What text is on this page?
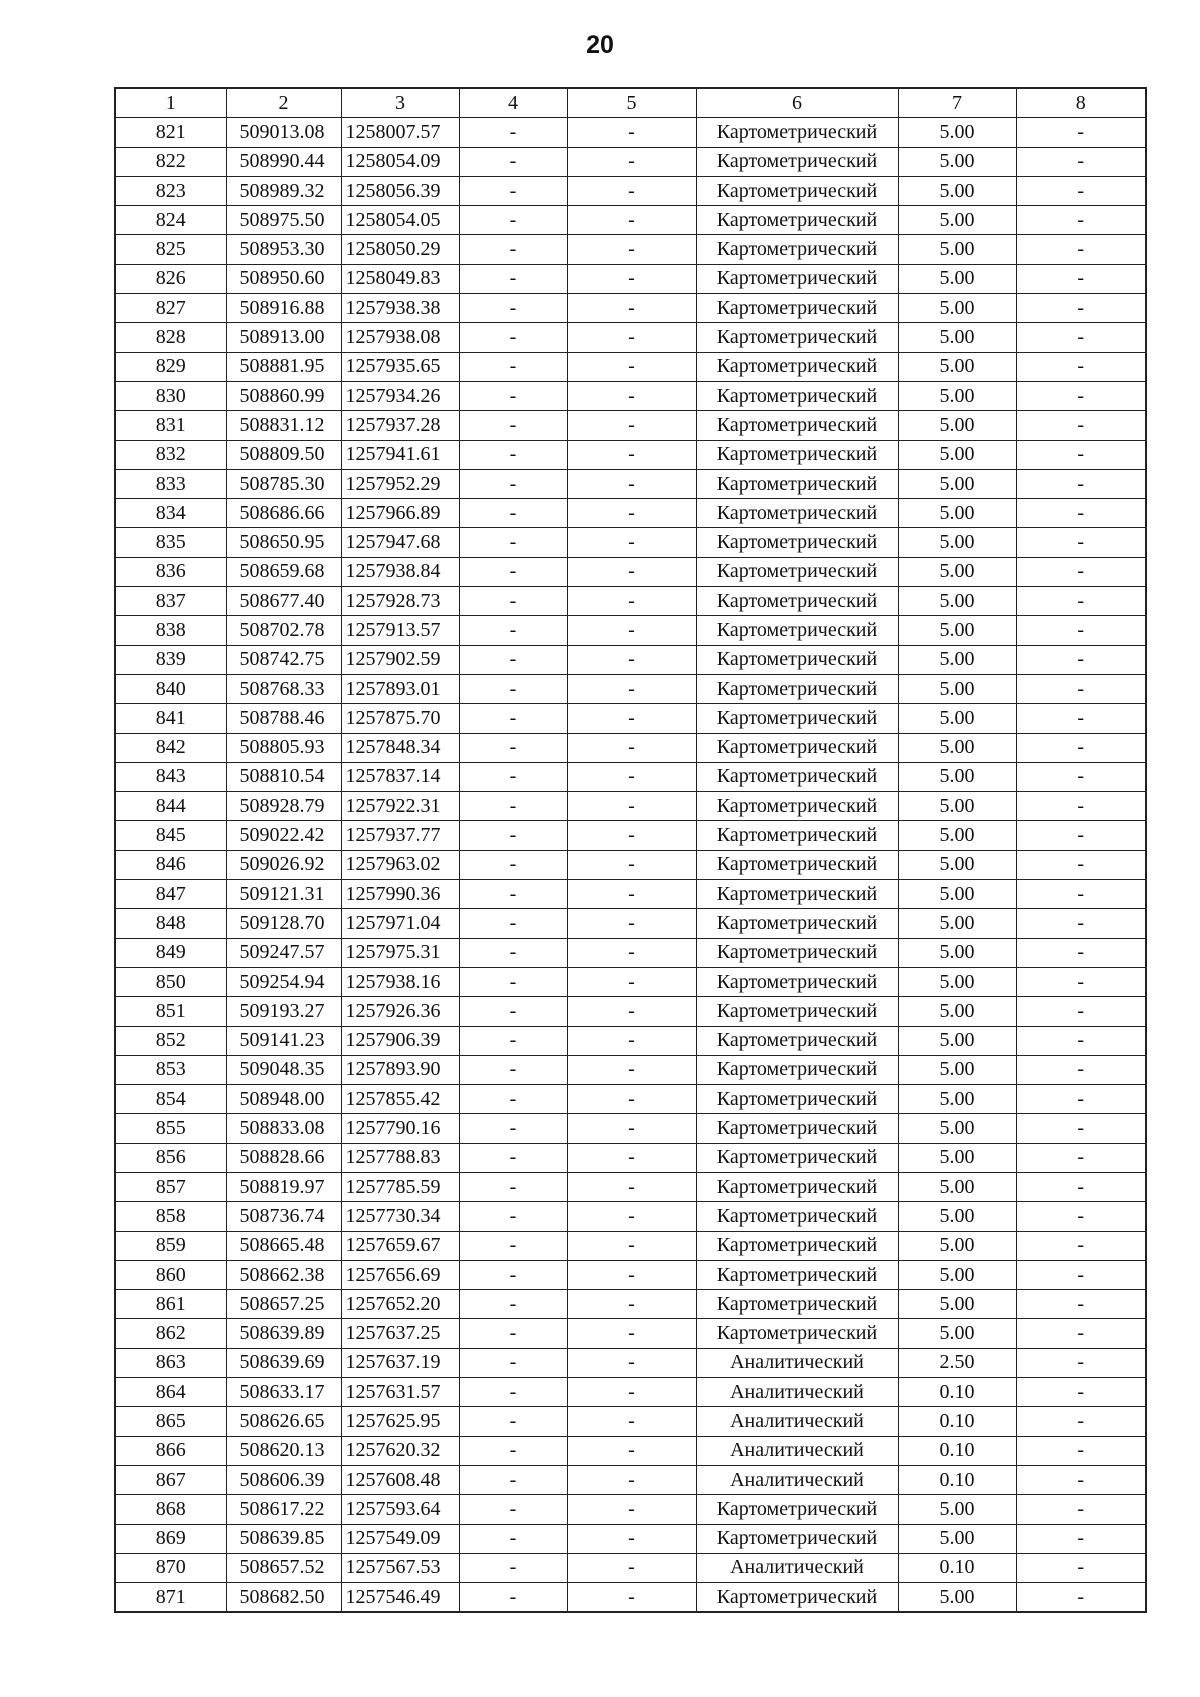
20
1	2	3	4	5	6	7	8
821	509013.08	1258007.57	-	-	Картометрический	5.00	-
822	508990.44	1258054.09	-	-	Картометрический	5.00	-
823	508989.32	1258056.39	-	-	Картометрический	5.00	-
824	508975.50	1258054.05	-	-	Картометрический	5.00	-
825	508953.30	1258050.29	-	-	Картометрический	5.00	-
826	508950.60	1258049.83	-	-	Картометрический	5.00	-
827	508916.88	1257938.38	-	-	Картометрический	5.00	-
828	508913.00	1257938.08	-	-	Картометрический	5.00	-
829	508881.95	1257935.65	-	-	Картометрический	5.00	-
830	508860.99	1257934.26	-	-	Картометрический	5.00	-
831	508831.12	1257937.28	-	-	Картометрический	5.00	-
832	508809.50	1257941.61	-	-	Картометрический	5.00	-
833	508785.30	1257952.29	-	-	Картометрический	5.00	-
834	508686.66	1257966.89	-	-	Картометрический	5.00	-
835	508650.95	1257947.68	-	-	Картометрический	5.00	-
836	508659.68	1257938.84	-	-	Картометрический	5.00	-
837	508677.40	1257928.73	-	-	Картометрический	5.00	-
838	508702.78	1257913.57	-	-	Картометрический	5.00	-
839	508742.75	1257902.59	-	-	Картометрический	5.00	-
840	508768.33	1257893.01	-	-	Картометрический	5.00	-
841	508788.46	1257875.70	-	-	Картометрический	5.00	-
842	508805.93	1257848.34	-	-	Картометрический	5.00	-
843	508810.54	1257837.14	-	-	Картометрический	5.00	-
844	508928.79	1257922.31	-	-	Картометрический	5.00	-
845	509022.42	1257937.77	-	-	Картометрический	5.00	-
846	509026.92	1257963.02	-	-	Картометрический	5.00	-
847	509121.31	1257990.36	-	-	Картометрический	5.00	-
848	509128.70	1257971.04	-	-	Картометрический	5.00	-
849	509247.57	1257975.31	-	-	Картометрический	5.00	-
850	509254.94	1257938.16	-	-	Картометрический	5.00	-
851	509193.27	1257926.36	-	-	Картометрический	5.00	-
852	509141.23	1257906.39	-	-	Картометрический	5.00	-
853	509048.35	1257893.90	-	-	Картометрический	5.00	-
854	508948.00	1257855.42	-	-	Картометрический	5.00	-
855	508833.08	1257790.16	-	-	Картометрический	5.00	-
856	508828.66	1257788.83	-	-	Картометрический	5.00	-
857	508819.97	1257785.59	-	-	Картометрический	5.00	-
858	508736.74	1257730.34	-	-	Картометрический	5.00	-
859	508665.48	1257659.67	-	-	Картометрический	5.00	-
860	508662.38	1257656.69	-	-	Картометрический	5.00	-
861	508657.25	1257652.20	-	-	Картометрический	5.00	-
862	508639.89	1257637.25	-	-	Картометрический	5.00	-
863	508639.69	1257637.19	-	-	Аналитический	2.50	-
864	508633.17	1257631.57	-	-	Аналитический	0.10	-
865	508626.65	1257625.95	-	-	Аналитический	0.10	-
866	508620.13	1257620.32	-	-	Аналитический	0.10	-
867	508606.39	1257608.48	-	-	Аналитический	0.10	-
868	508617.22	1257593.64	-	-	Картометрический	5.00	-
869	508639.85	1257549.09	-	-	Картометрический	5.00	-
870	508657.52	1257567.53	-	-	Аналитический	0.10	-
871	508682.50	1257546.49	-	-	Картометрический	5.00	-
